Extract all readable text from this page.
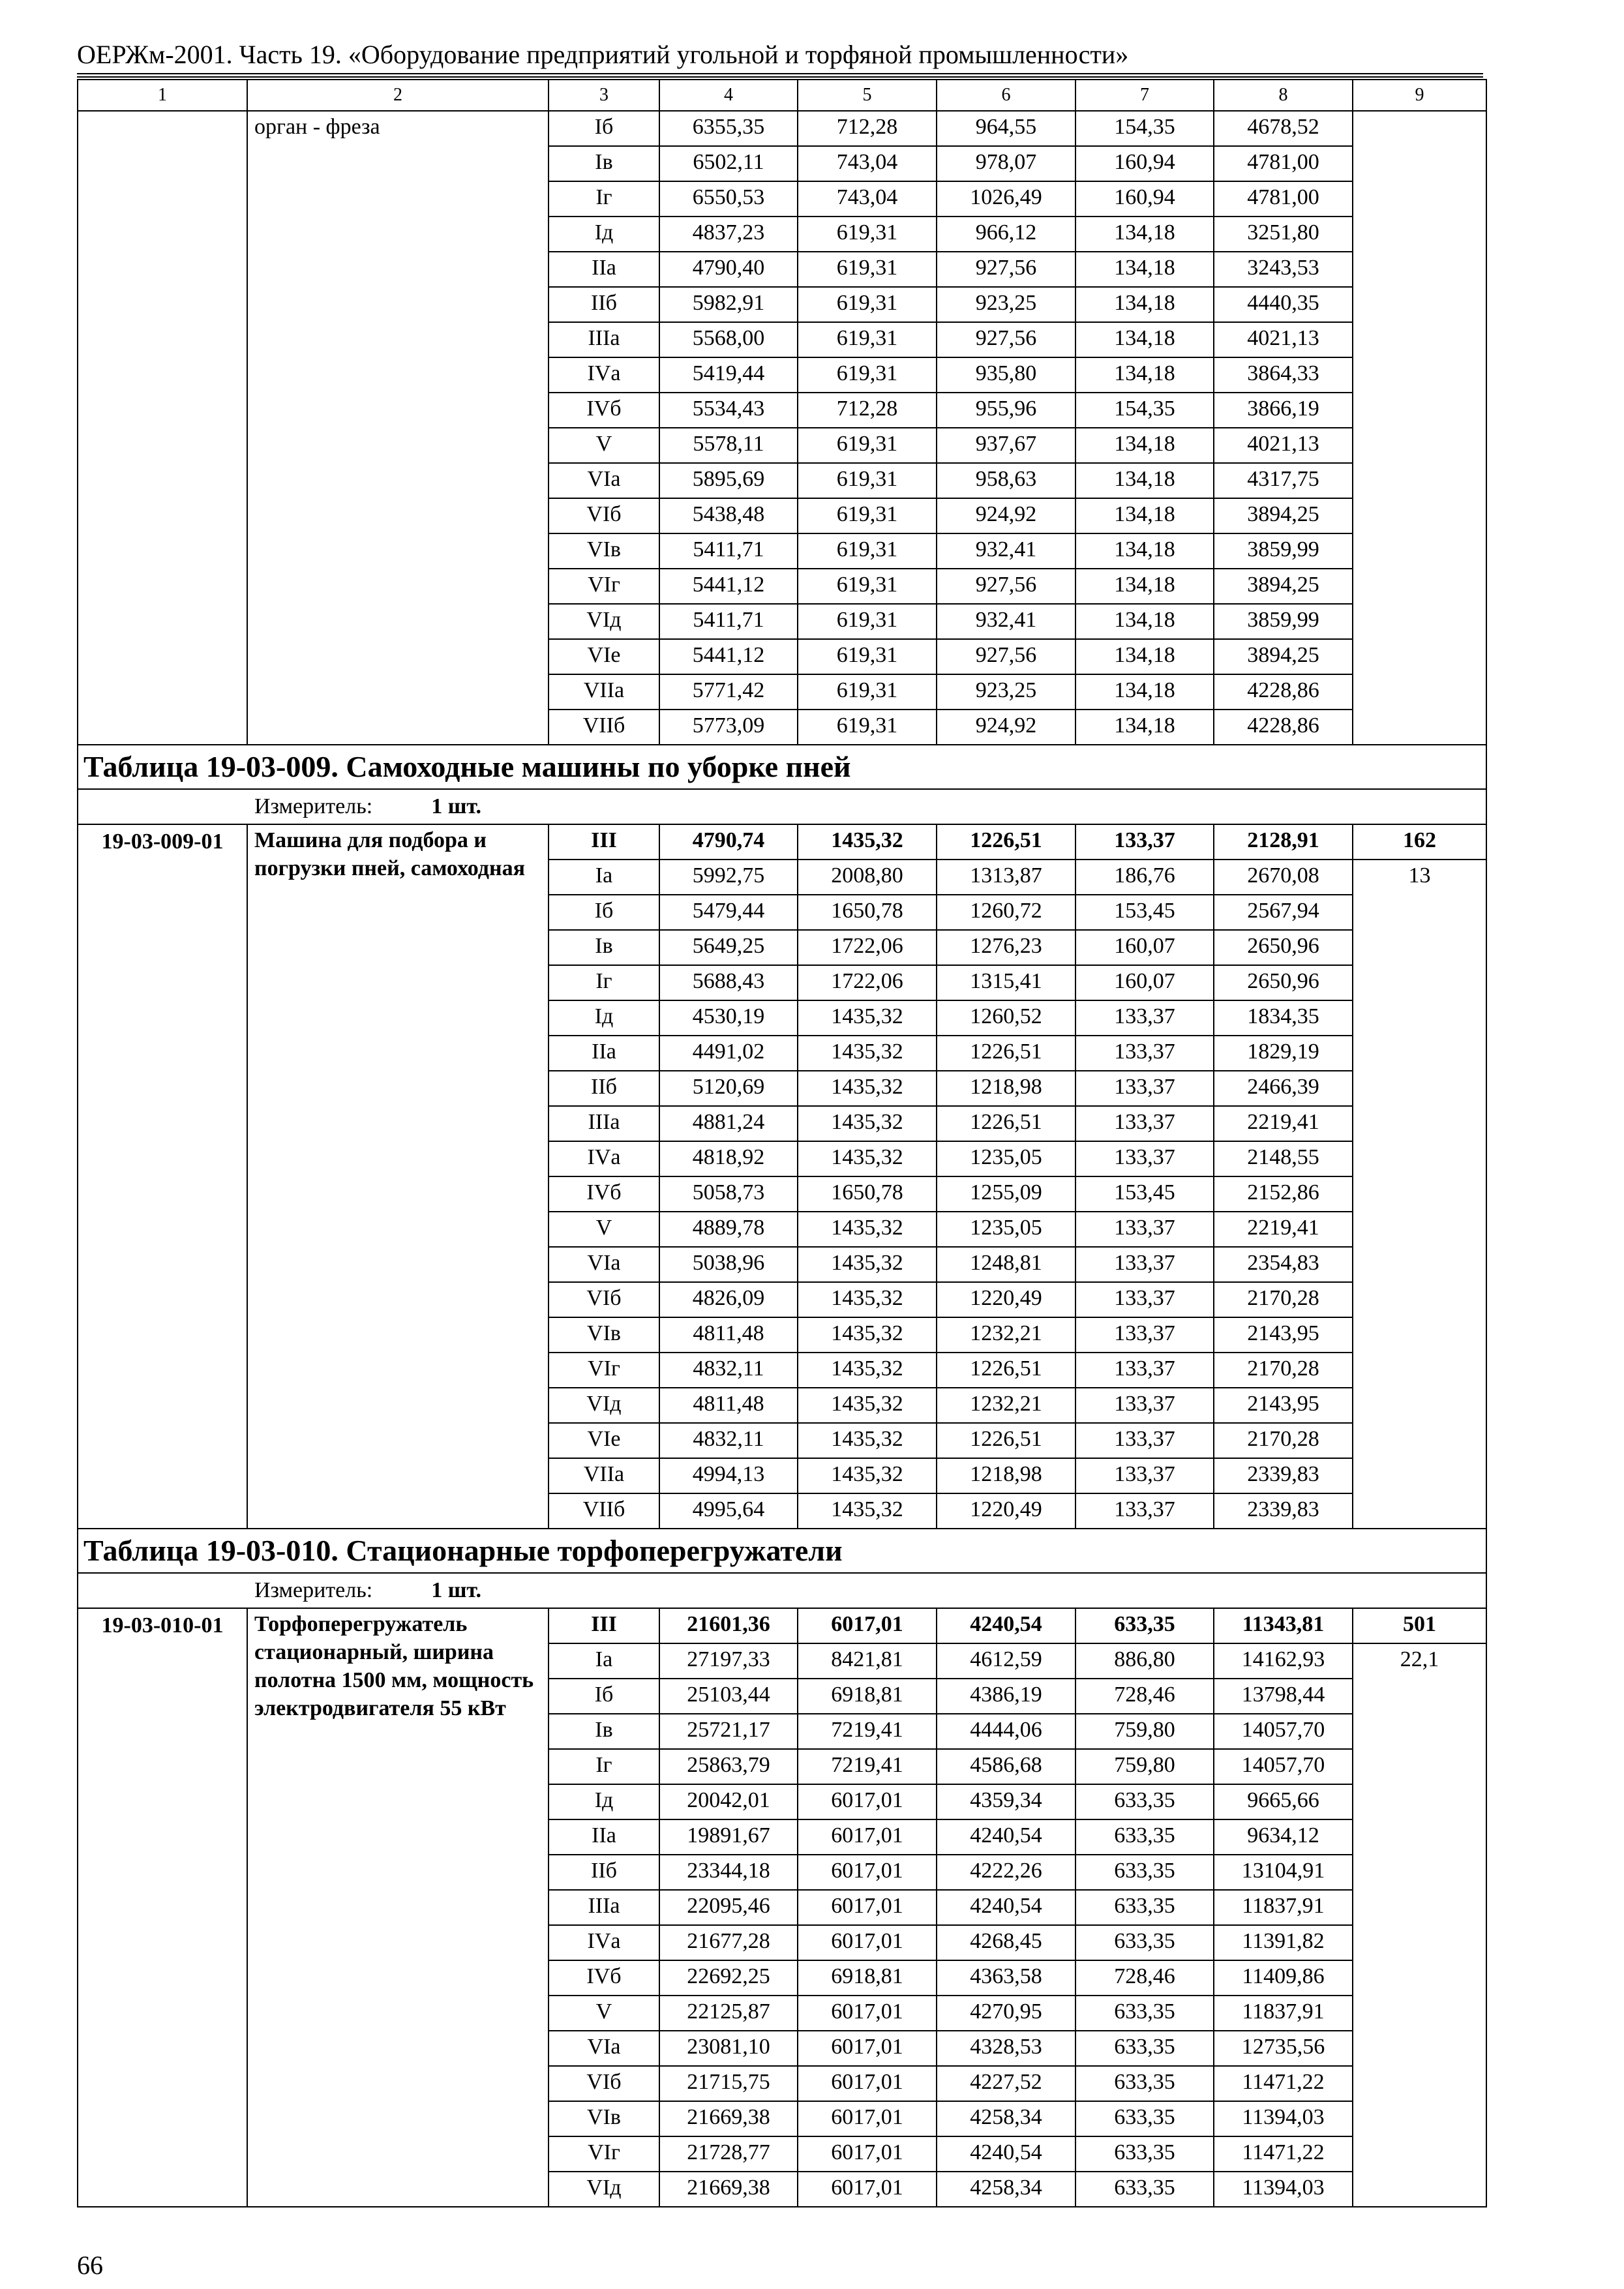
ОЕРЖм-2001. Часть 19. «Оборудование предприятий угольной и торфяной промышленности»
1	2	3	4	5	6	7	8	9
	орган - фреза	Iб	6355,35	712,28	964,55	154,35	4678,52	
		Iв	6502,11	743,04	978,07	160,94	4781,00	
		Iг	6550,53	743,04	1026,49	160,94	4781,00	
		Iд	4837,23	619,31	966,12	134,18	3251,80	
		IIа	4790,40	619,31	927,56	134,18	3243,53	
		IIб	5982,91	619,31	923,25	134,18	4440,35	
		IIIа	5568,00	619,31	927,56	134,18	4021,13	
		IVа	5419,44	619,31	935,80	134,18	3864,33	
		IVб	5534,43	712,28	955,96	154,35	3866,19	
		V	5578,11	619,31	937,67	134,18	4021,13	
		VIа	5895,69	619,31	958,63	134,18	4317,75	
		VIб	5438,48	619,31	924,92	134,18	3894,25	
		VIв	5411,71	619,31	932,41	134,18	3859,99	
		VIг	5441,12	619,31	927,56	134,18	3894,25	
		VIд	5411,71	619,31	932,41	134,18	3859,99	
		VIе	5441,12	619,31	927,56	134,18	3894,25	
		VIIа	5771,42	619,31	923,25	134,18	4228,86	
		VIIб	5773,09	619,31	924,92	134,18	4228,86	
Таблица 19-03-009. Самоходные машины по уборке пней								
Измеритель: 1 шт.								
19-03-009-01	Машина для подбора и погрузки пней, самоходная	III	4790,74	1435,32	1226,51	133,37	2128,91	162
		Iа	5992,75	2008,80	1313,87	186,76	2670,08	13
		Iб	5479,44	1650,78	1260,72	153,45	2567,94	
		Iв	5649,25	1722,06	1276,23	160,07	2650,96	
		Iг	5688,43	1722,06	1315,41	160,07	2650,96	
		Iд	4530,19	1435,32	1260,52	133,37	1834,35	
		IIа	4491,02	1435,32	1226,51	133,37	1829,19	
		IIб	5120,69	1435,32	1218,98	133,37	2466,39	
		IIIа	4881,24	1435,32	1226,51	133,37	2219,41	
		IVа	4818,92	1435,32	1235,05	133,37	2148,55	
		IVб	5058,73	1650,78	1255,09	153,45	2152,86	
		V	4889,78	1435,32	1235,05	133,37	2219,41	
		VIа	5038,96	1435,32	1248,81	133,37	2354,83	
		VIб	4826,09	1435,32	1220,49	133,37	2170,28	
		VIв	4811,48	1435,32	1232,21	133,37	2143,95	
		VIг	4832,11	1435,32	1226,51	133,37	2170,28	
		VIд	4811,48	1435,32	1232,21	133,37	2143,95	
		VIе	4832,11	1435,32	1226,51	133,37	2170,28	
		VIIа	4994,13	1435,32	1218,98	133,37	2339,83	
		VIIб	4995,64	1435,32	1220,49	133,37	2339,83	
Таблица 19-03-010. Стационарные торфоперегружатели								
Измеритель: 1 шт.								
19-03-010-01	Торфоперегружатель стационарный, ширина полотна 1500 мм, мощность электродвигателя 55 кВт	III	21601,36	6017,01	4240,54	633,35	11343,81	501
		Iа	27197,33	8421,81	4612,59	886,80	14162,93	22,1
		Iб	25103,44	6918,81	4386,19	728,46	13798,44	
		Iв	25721,17	7219,41	4444,06	759,80	14057,70	
		Iг	25863,79	7219,41	4586,68	759,80	14057,70	
		Iд	20042,01	6017,01	4359,34	633,35	9665,66	
		IIа	19891,67	6017,01	4240,54	633,35	9634,12	
		IIб	23344,18	6017,01	4222,26	633,35	13104,91	
		IIIа	22095,46	6017,01	4240,54	633,35	11837,91	
		IVа	21677,28	6017,01	4268,45	633,35	11391,82	
		IVб	22692,25	6918,81	4363,58	728,46	11409,86	
		V	22125,87	6017,01	4270,95	633,35	11837,91	
		VIа	23081,10	6017,01	4328,53	633,35	12735,56	
		VIб	21715,75	6017,01	4227,52	633,35	11471,22	
		VIв	21669,38	6017,01	4258,34	633,35	11394,03	
		VIг	21728,77	6017,01	4240,54	633,35	11471,22	
		VIд	21669,38	6017,01	4258,34	633,35	11394,03	
66
